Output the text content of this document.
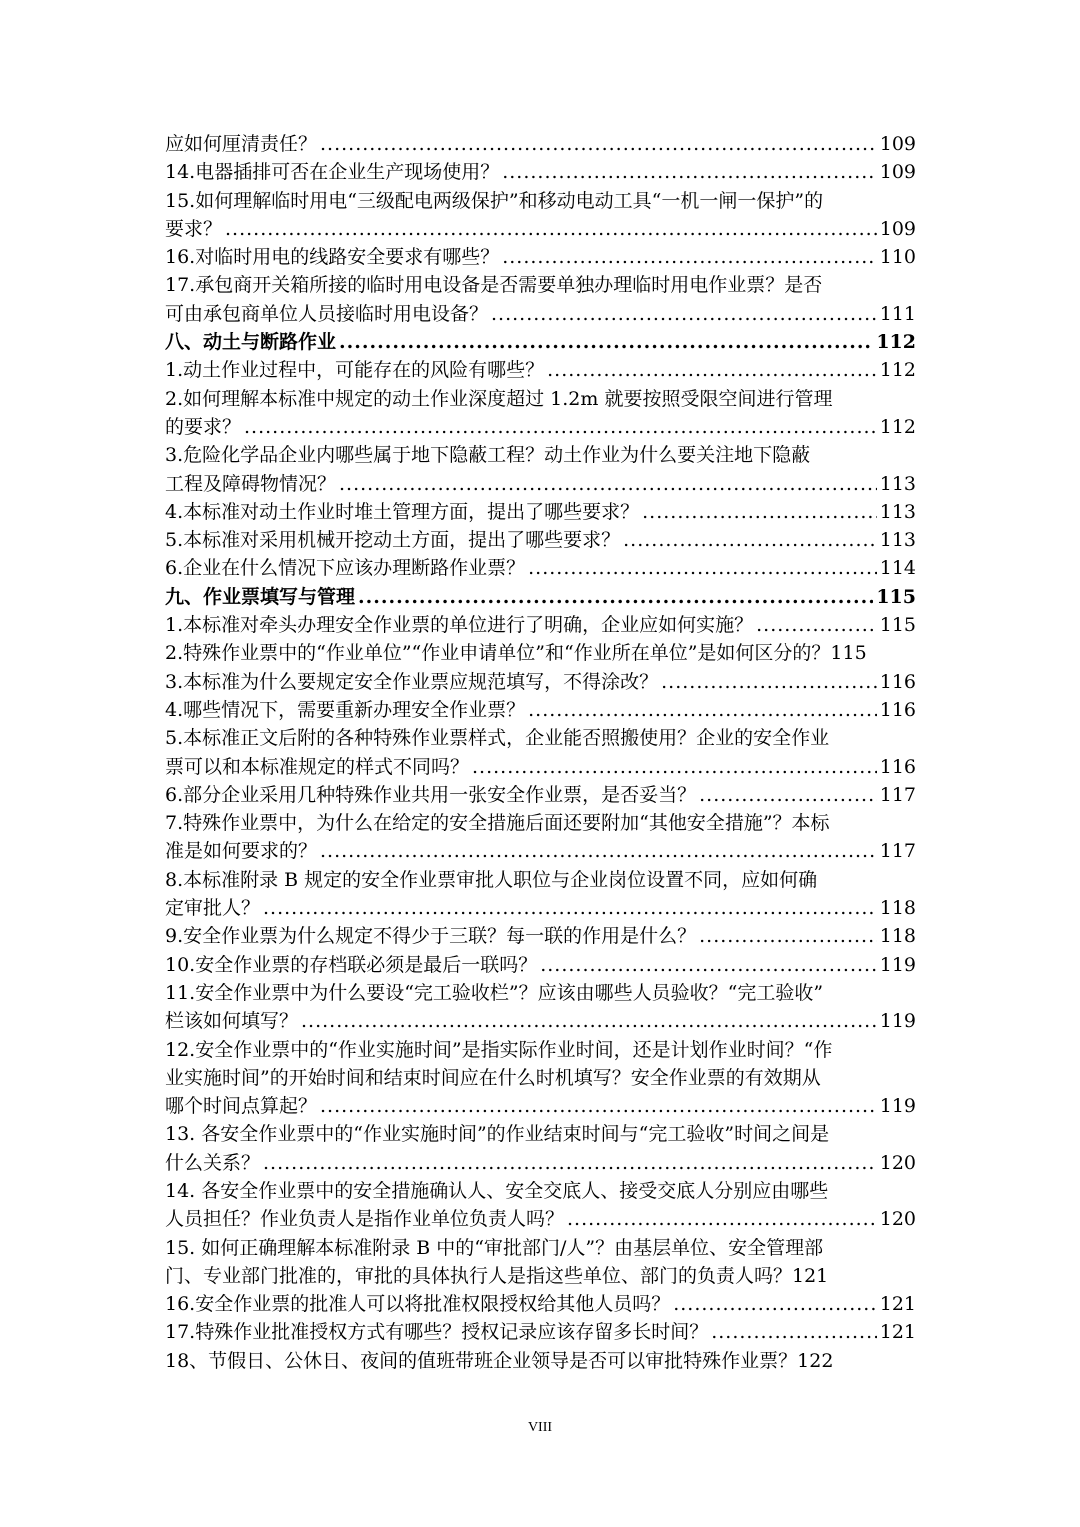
应如何厘清责任？ .....	109
14.电器插排可否在企业生产现场使用？ .....	109
15.如何理解临时用电“三级配电两级保护”和移动电动工具“一机一闸一保护”的
要求？ .....	109
16.对临时用电的线路安全要求有哪些？ .....	110
17.承包商开关箱所接的临时用电设备是否需要单独办理临时用电作业票？是否
可由承包商单位人员接临时用电设备？ .....	111
八、动土与断路作业 .....	112
1.动土作业过程中，可能存在的风险有哪些？ .....	112
2.如何理解本标准中规定的动土作业深度超过 1.2m 就要按照受限空间进行管理
的要求？ .....	112
3.危险化学品企业内哪些属于地下隐蔽工程？动土作业为什么要关注地下隐蔽
工程及障碍物情况？ .....	113
4.本标准对动土作业时堆土管理方面，提出了哪些要求？ .....	113
5.本标准对采用机械开挖动土方面，提出了哪些要求？ .....	113
6.企业在什么情况下应该办理断路作业票？ .....	114
九、作业票填写与管理 .....	115
1.本标准对牵头办理安全作业票的单位进行了明确，企业应如何实施？ .....	115
2.特殊作业票中的“作业单位”“作业申请单位”和“作业所在单位”是如何区分的？115
3.本标准为什么要规定安全作业票应规范填写，不得涂改？ .....	116
4.哪些情况下，需要重新办理安全作业票？ .....	116
5.本标准正文后附的各种特殊作业票样式，企业能否照搬使用？企业的安全作业
票可以和本标准规定的样式不同吗？ .....	116
6.部分企业采用几种特殊作业共用一张安全作业票，是否妥当？ .....	117
7.特殊作业票中，为什么在给定的安全措施后面还要附加“其他安全措施”？本标
准是如何要求的？ .....	117
8.本标准附录 B 规定的安全作业票审批人职位与企业岗位设置不同，应如何确
定审批人？ .....	118
9.安全作业票为什么规定不得少于三联？每一联的作用是什么？ .....	118
10.安全作业票的存档联必须是最后一联吗？ .....	119
11.安全作业票中为什么要设“完工验收栏”？应该由哪些人员验收？“完工验收”
栏该如何填写？ .....	119
12.安全作业票中的“作业实施时间”是指实际作业时间，还是计划作业时间？“作
业实施时间”的开始时间和结束时间应在什么时机填写？安全作业票的有效期从
哪个时间点算起？ .....	119
13. 各安全作业票中的“作业实施时间”的作业结束时间与“完工验收”时间之间是
什么关系？ .....	120
14. 各安全作业票中的安全措施确认人、安全交底人、接受交底人分别应由哪些
人员担任？作业负责人是指作业单位负责人吗？ .....	120
15. 如何正确理解本标准附录 B 中的“审批部门/人”？由基层单位、安全管理部
门、专业部门批准的，审批的具体执行人是指这些单位、部门的负责人吗？121
16.安全作业票的批准人可以将批准权限授权给其他人员吗？ .....	121
17.特殊作业批准授权方式有哪些？授权记录应该存留多长时间？ .....	121
18、节假日、公休日、夜间的值班带班企业领导是否可以审批特殊作业票？122
VIII
